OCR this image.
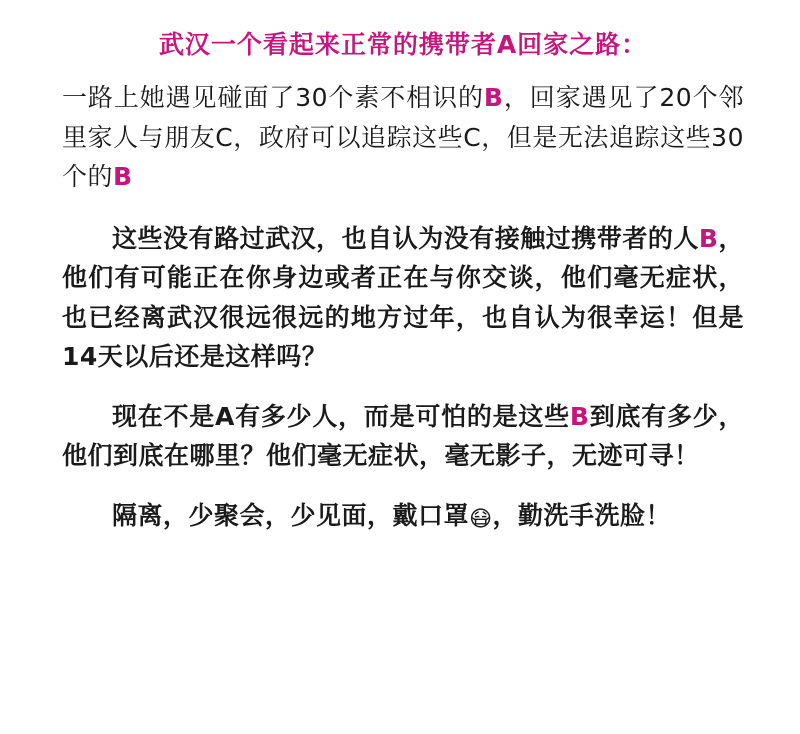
武汉一个看起来正常的携带者A回家之路：
一路上她遇见碰面了30个素不相识的B，回家遇见了20个邻里家人与朋友C，政府可以追踪这些C，但是无法追踪这些30个的B
这些没有路过武汉，也自认为没有接触过携带者的人B，他们有可能正在你身边或者正在与你交谈，他们毫无症状，也已经离武汉很远很远的地方过年，也自认为很幸运！但是14天以后还是这样吗？
现在不是A有多少人，而是可怕的是这些B到底有多少，他们到底在哪里？他们毫无症状，毫无影子，无迹可寻！
隔离，少聚会，少见面，戴口罩😷，勤洗手洗脸！
